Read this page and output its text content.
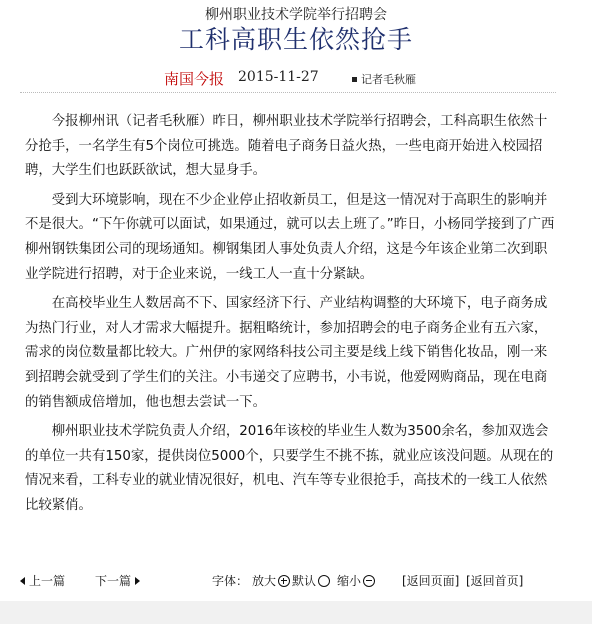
柳州职业技术学院举行招聘会
工科高职生依然抢手
南国今报 2015-11-27	记者毛秋雁

今报柳州讯（记者毛秋雁）昨日，柳州职业技术学院举行招聘会，工科高职生依然十分抢手，一名学生有5个岗位可挑选。随着电子商务日益火热，一些电商开始进入校园招聘，大学生们也跃跃欲试，想大显身手。

受到大环境影响，现在不少企业停止招收新员工，但是这一情况对于高职生的影响并不是很大。“下午你就可以面试，如果通过，就可以去上班了。”昨日，小杨同学接到了广西柳州钢铁集团公司的现场通知。柳钢集团人事处负责人介绍，这是今年该企业第二次到职业学院进行招聘，对于企业来说，一线工人一直十分紧缺。

在高校毕业生人数居高不下、国家经济下行、产业结构调整的大环境下，电子商务成为热门行业，对人才需求大幅提升。据粗略统计，参加招聘会的电子商务企业有五六家，需求的岗位数量都比较大。广州伊的家网络科技公司主要是线上线下销售化妆品，刚一来到招聘会就受到了学生们的关注。小韦递交了应聘书，小韦说，他爱网购商品，现在电商的销售额成倍增加，他也想去尝试一下。

柳州职业技术学院负责人介绍，2016年该校的毕业生人数为3500余名，参加双选会的单位一共有150家，提供岗位5000个，只要学生不挑不拣，就业应该没问题。从现在的情况来看，工科专业的就业情况很好，机电、汽车等专业很抢手，高技术的一线工人依然比较紧俏。

上一篇 下一篇	字体： 放大	默认	缩小	[返回页面] [返回首页]
